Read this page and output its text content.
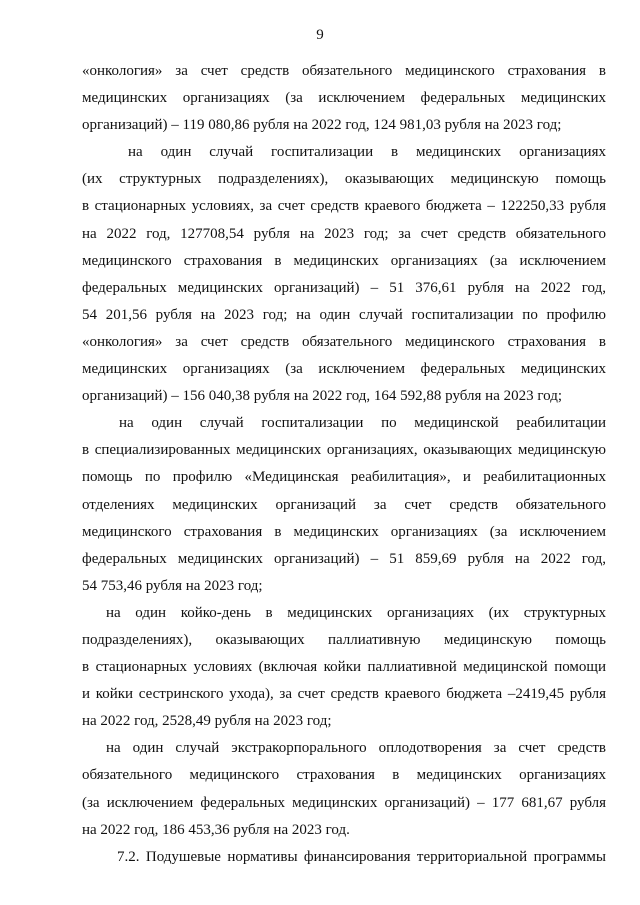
9
«онкология» за счет средств обязательного медицинского страхования в
медицинских организациях (за исключением федеральных медицинских
организаций) – 119 080,86 рубля на 2022 год, 124 981,03 рубля на 2023 год;
на один случай госпитализации в медицинских организациях
(их структурных подразделениях), оказывающих медицинскую помощь
в стационарных условиях, за счет средств краевого бюджета – 122250,33 рубля
на 2022 год, 127708,54 рубля на 2023 год; за счет средств обязательного
медицинского страхования в медицинских организациях (за исключением
федеральных медицинских организаций) – 51 376,61 рубля на 2022 год,
54 201,56 рубля на 2023 год; на один случай госпитализации по профилю
«онкология» за счет средств обязательного медицинского страхования в
медицинских организациях (за исключением федеральных медицинских
организаций) – 156 040,38 рубля на 2022 год, 164 592,88 рубля на 2023 год;
на один случай госпитализации по медицинской реабилитации
в специализированных медицинских организациях, оказывающих медицинскую
помощь по профилю «Медицинская реабилитация», и реабилитационных
отделениях медицинских организаций за счет средств обязательного
медицинского страхования в медицинских организациях (за исключением
федеральных медицинских организаций) – 51 859,69 рубля на 2022 год,
54 753,46 рубля на 2023 год;
на один койко-день в медицинских организациях (их структурных
подразделениях), оказывающих паллиативную медицинскую помощь
в стационарных условиях (включая койки паллиативной медицинской помощи
и койки сестринского ухода), за счет средств краевого бюджета –2419,45 рубля
на 2022 год, 2528,49 рубля на 2023 год;
на один случай экстракорпорального оплодотворения за счет средств
обязательного медицинского страхования в медицинских организациях
(за исключением федеральных медицинских организаций) – 177 681,67 рубля
на 2022 год, 186 453,36 рубля на 2023 год.
7.2. Подушевые нормативы финансирования территориальной программы
